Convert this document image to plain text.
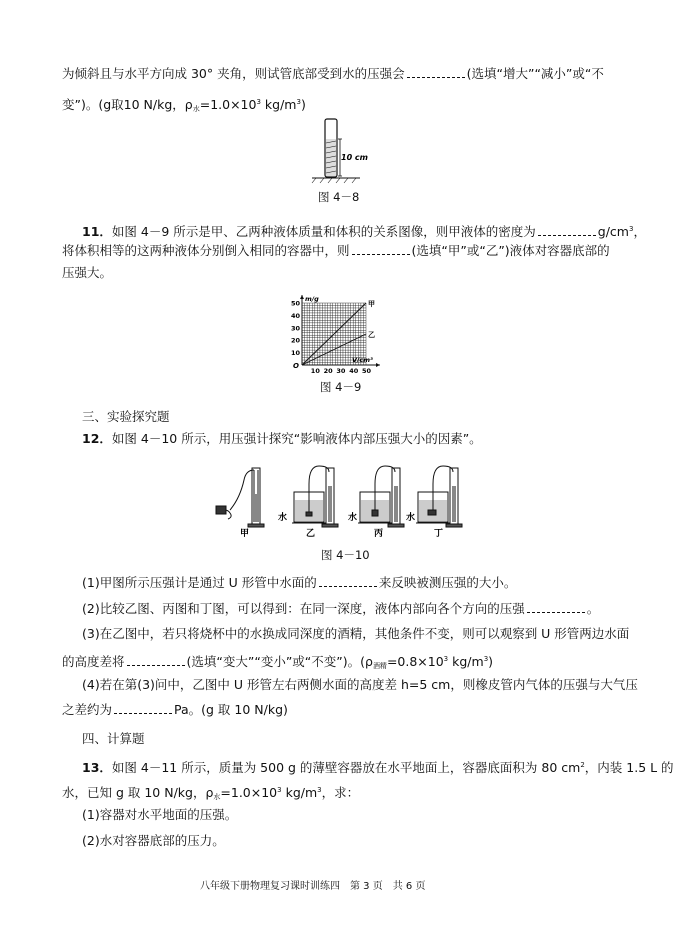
为倾斜且与水平方向成 30° 夹角，则试管底部受到水的压强会	(选填“增大”“减小”或“不
变”)。(g取10 N/kg，$\rho_水=1.0\times 10^3$ $kg/m^3$)
10 cm
图 4－8
11．如图 4－9 所示是甲、乙两种液体质量和体积的关系图像，则甲液体的密度为	$g/cm^3$，
将体积相等的这两种液体分别倒入相同的容器中，则	(选填“甲”或“乙”)液体对容器底部的
压强大。
甲
乙
10 20 30 40 50
10
20
30
40
50
O
m/g
V/cm³
图 4－9
三、实验探究题
12．如图 4－10 所示，用压强计探究“影响液体内部压强大小的因素”。
水	水	水
甲	乙	丙	丁
图 4－10
(1)甲图所示压强计是通过 U 形管中水面的	来反映被测压强的大小。
(2)比较乙图、丙图和丁图，可以得到：在同一深度，液体内部向各个方向的压强	。
(3)在乙图中，若只将烧杯中的水换成同深度的酒精，其他条件不变，则可以观察到 U 形管两边水面
的高度差将	(选填“变大”“变小”或“不变”)。($\rho_{酒精}=0.8\times 10^3$ $kg/m^3$)
(4)若在第(3)问中，乙图中 U 形管左右两侧水面的高度差 h=5 cm，则橡皮管内气体的压强与大气压
之差约为	Pa。(g 取 10 N/kg)
四、计算题
13．如图 4－11 所示，质量为 500 g 的薄壁容器放在水平地面上，容器底面积为 80 $cm^2$，内装 1.5 L 的
水，已知 g 取 10 N/kg，$\rho_水=1.0\times 10^3$ $kg/m^3$，求：
(1)容器对水平地面的压强。
(2)水对容器底部的压力。
八年级下册物理复习课时训练四　第 3 页　共 6 页
